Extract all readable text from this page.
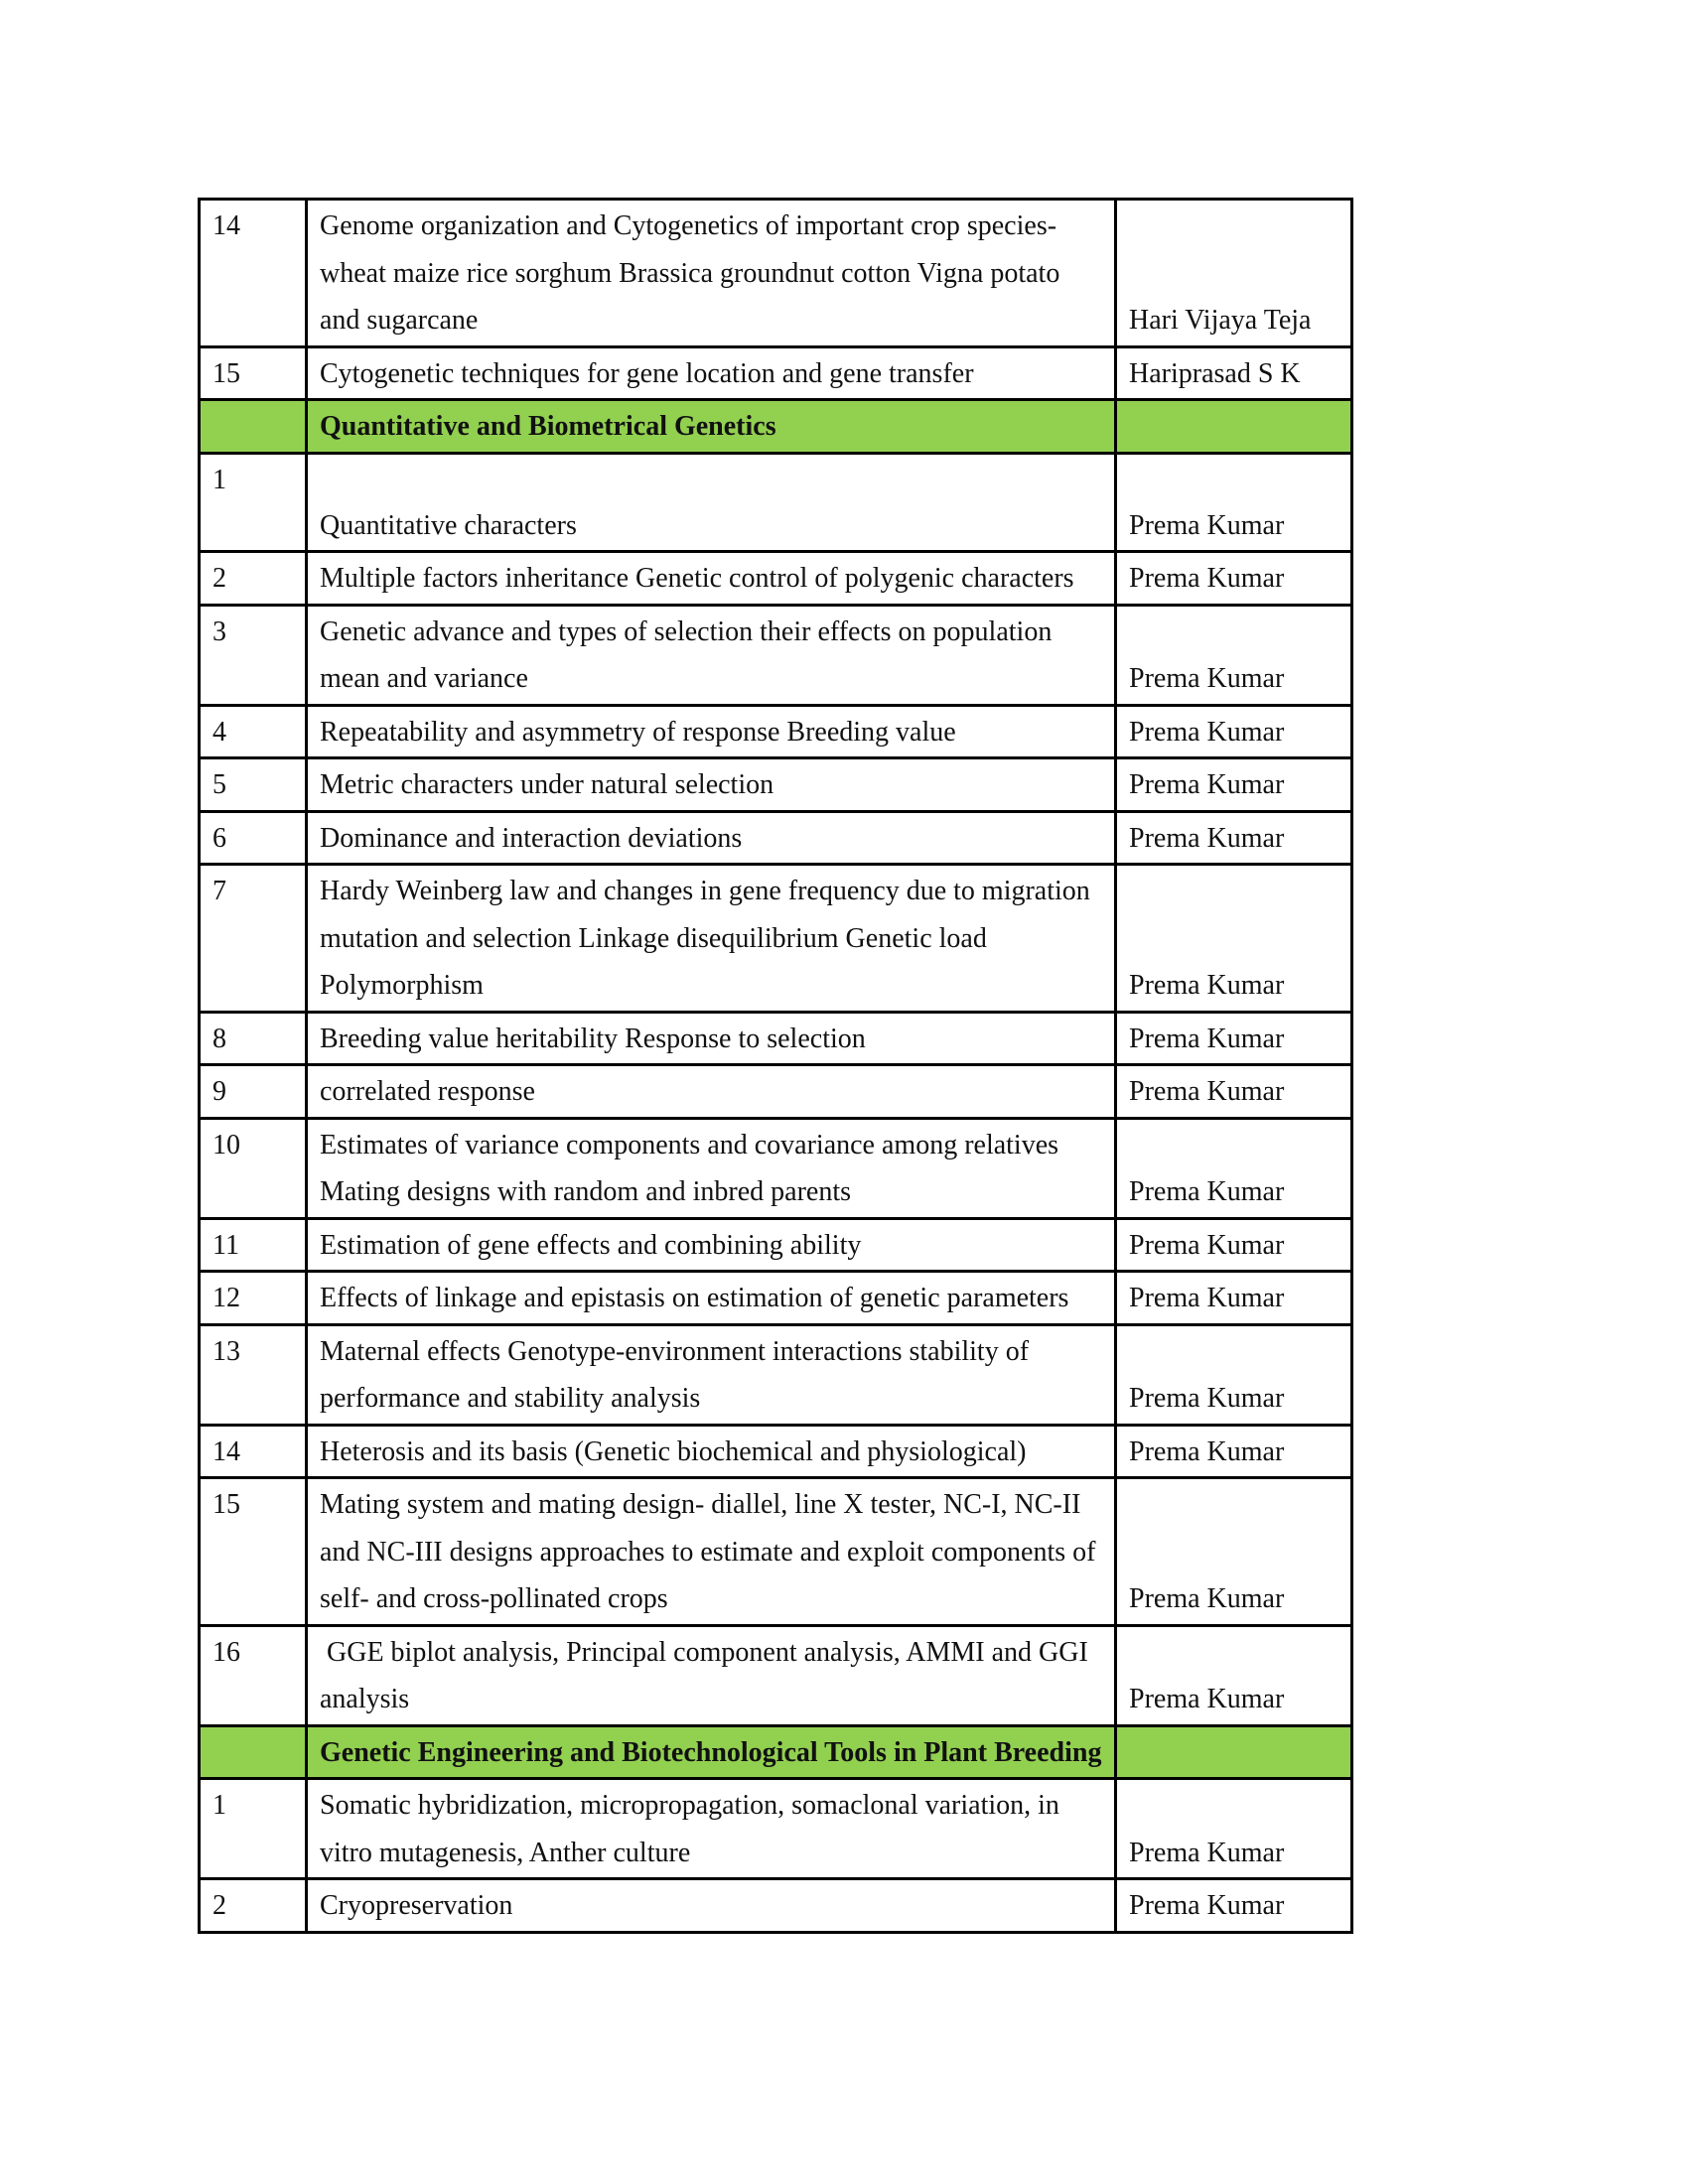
14	Genome organization and Cytogenetics of important crop species- wheat maize rice sorghum Brassica groundnut cotton Vigna potato and sugarcane	Hari Vijaya Teja
15	Cytogenetic techniques for gene location and gene transfer	Hariprasad S K
	Quantitative and Biometrical Genetics	
1	Quantitative characters	Prema Kumar
2	Multiple factors inheritance Genetic control of polygenic characters	Prema Kumar
3	Genetic advance and types of selection their effects on population mean and variance	Prema Kumar
4	Repeatability and asymmetry of response Breeding value	Prema Kumar
5	Metric characters under natural selection	Prema Kumar
6	Dominance and interaction deviations	Prema Kumar
7	Hardy Weinberg law and changes in gene frequency due to migration mutation and selection Linkage disequilibrium Genetic load Polymorphism	Prema Kumar
8	Breeding value heritability Response to selection	Prema Kumar
9	correlated response	Prema Kumar
10	Estimates of variance components and covariance among relatives Mating designs with random and inbred parents	Prema Kumar
11	Estimation of gene effects and combining ability	Prema Kumar
12	Effects of linkage and epistasis on estimation of genetic parameters	Prema Kumar
13	Maternal effects Genotype-environment interactions stability of performance and stability analysis	Prema Kumar
14	Heterosis and its basis (Genetic biochemical and physiological)	Prema Kumar
15	Mating system and mating design- diallel, line X tester, NC-I, NC-II and NC-III designs approaches to estimate and exploit components of self- and cross-pollinated crops	Prema Kumar
16	GGE biplot analysis, Principal component analysis, AMMI and GGI analysis	Prema Kumar
	Genetic Engineering and Biotechnological Tools in Plant Breeding	
1	Somatic hybridization, micropropagation, somaclonal variation, in vitro mutagenesis, Anther culture	Prema Kumar
2	Cryopreservation	Prema Kumar
